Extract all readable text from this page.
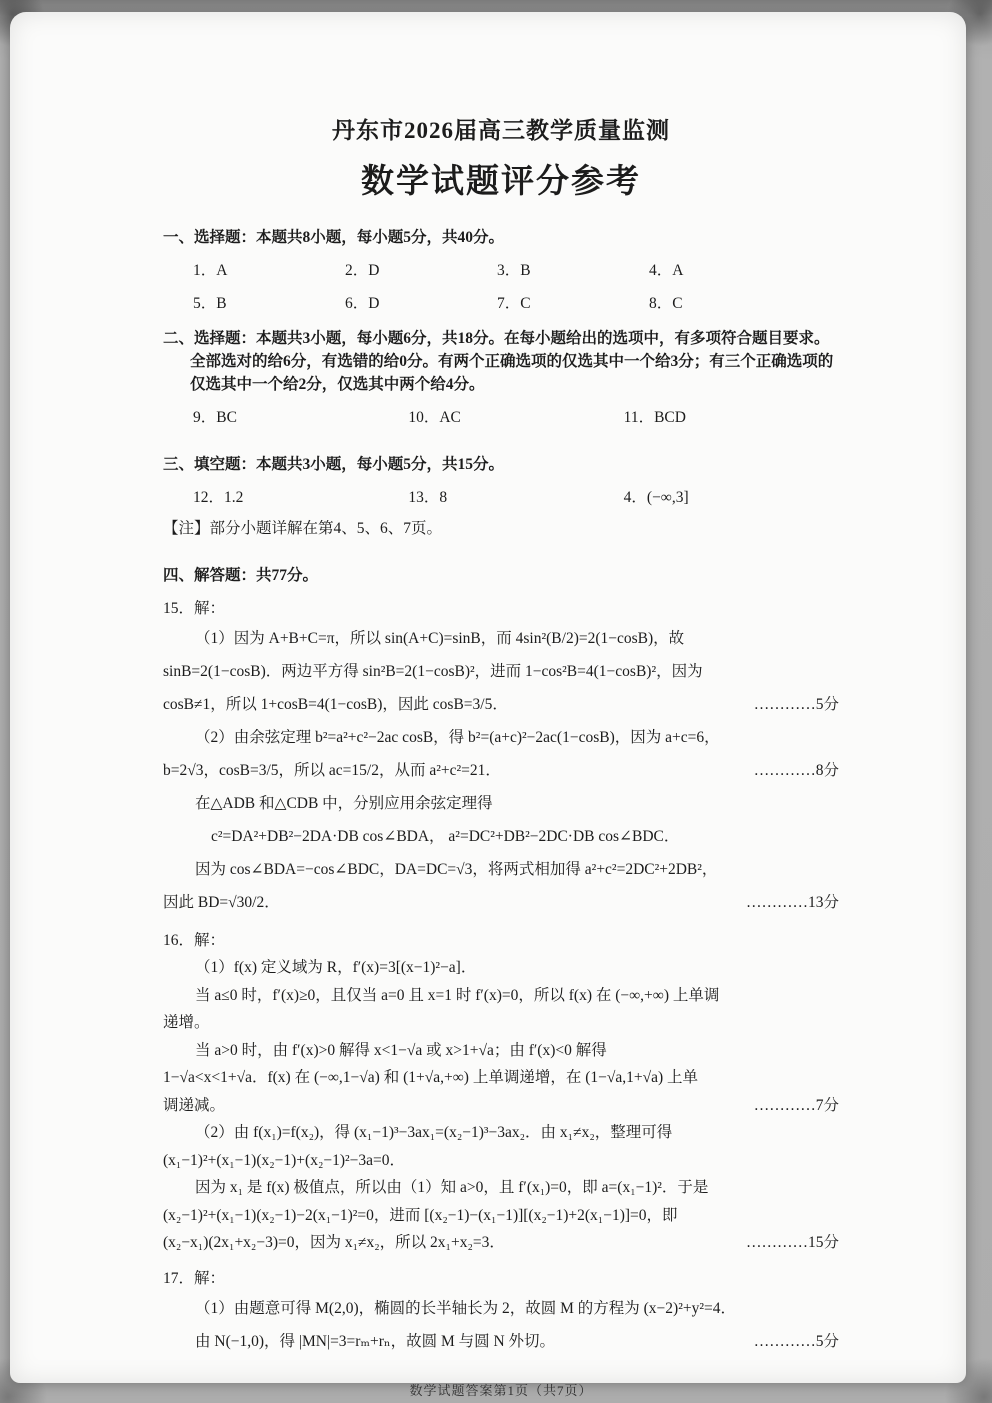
丹东市2026届高三教学质量监测
数学试题评分参考

一、选择题：本题共8小题，每小题5分，共40分。

1．A	2．D	3．B	4．A
5．B	6．D	7．C	8．C

二、选择题：本题共3小题，每小题6分，共18分。在每小题给出的选项中，有多项符合题目要求。全部选对的给6分，有选错的给0分。有两个正确选项的仅选其中一个给3分；有三个正确选项的仅选其中一个给2分，仅选其中两个给4分。

9．BC	10．AC	11．BCD

三、填空题：本题共3小题，每小题5分，共15分。

12．1.2	13．8	4．(−∞,3]
【注】部分小题详解在第4、5、6、7页。

四、解答题：共77分。

15．解：
（1）因为 A+B+C=π，所以 sin(A+C)=sinB，而 4sin²(B/2)=2(1−cosB)，故
sinB=2(1−cosB)．两边平方得 sin²B=2(1−cosB)²，进而 1−cos²B=4(1−cosB)²，因为
cosB≠1，所以 1+cosB=4(1−cosB)，因此 cosB=3/5．	…………5分
（2）由余弦定理 b²=a²+c²−2ac cosB，得 b²=(a+c)²−2ac(1−cosB)，因为 a+c=6，
b=2√3，cosB=3/5，所以 ac=15/2，从而 a²+c²=21．	…………8分
在△ADB 和△CDB 中，分别应用余弦定理得
c²=DA²+DB²−2DA·DB cos∠BDA， a²=DC²+DB²−2DC·DB cos∠BDC．
因为 cos∠BDA=−cos∠BDC，DA=DC=√3，将两式相加得 a²+c²=2DC²+2DB²，
因此 BD=√30/2．	…………13分
16．解：
（1）f(x) 定义域为 R，f′(x)=3[(x−1)²−a]．
当 a≤0 时，f′(x)≥0，且仅当 a=0 且 x=1 时 f′(x)=0，所以 f(x) 在 (−∞,+∞) 上单调
递增。
当 a>0 时，由 f′(x)>0 解得 x<1−√a 或 x>1+√a；由 f′(x)<0 解得
1−√a<x<1+√a．f(x) 在 (−∞,1−√a) 和 (1+√a,+∞) 上单调递增，在 (1−√a,1+√a) 上单
调递减。	…………7分
（2）由 f(x₁)=f(x₂)，得 (x₁−1)³−3ax₁=(x₂−1)³−3ax₂．由 x₁≠x₂，整理可得
(x₁−1)²+(x₁−1)(x₂−1)+(x₂−1)²−3a=0．
因为 x₁ 是 f(x) 极值点，所以由（1）知 a>0，且 f′(x₁)=0，即 a=(x₁−1)²．于是
(x₂−1)²+(x₁−1)(x₂−1)−2(x₁−1)²=0，进而 [(x₂−1)−(x₁−1)][(x₂−1)+2(x₁−1)]=0，即
(x₂−x₁)(2x₁+x₂−3)=0，因为 x₁≠x₂，所以 2x₁+x₂=3．	…………15分
17．解：
（1）由题意可得 M(2,0)，椭圆的长半轴长为 2，故圆 M 的方程为 (x−2)²+y²=4．
由 N(−1,0)，得 |MN|=3=rₘ+rₙ，故圆 M 与圆 N 外切。	…………5分
数学试题答案第1页（共7页）
